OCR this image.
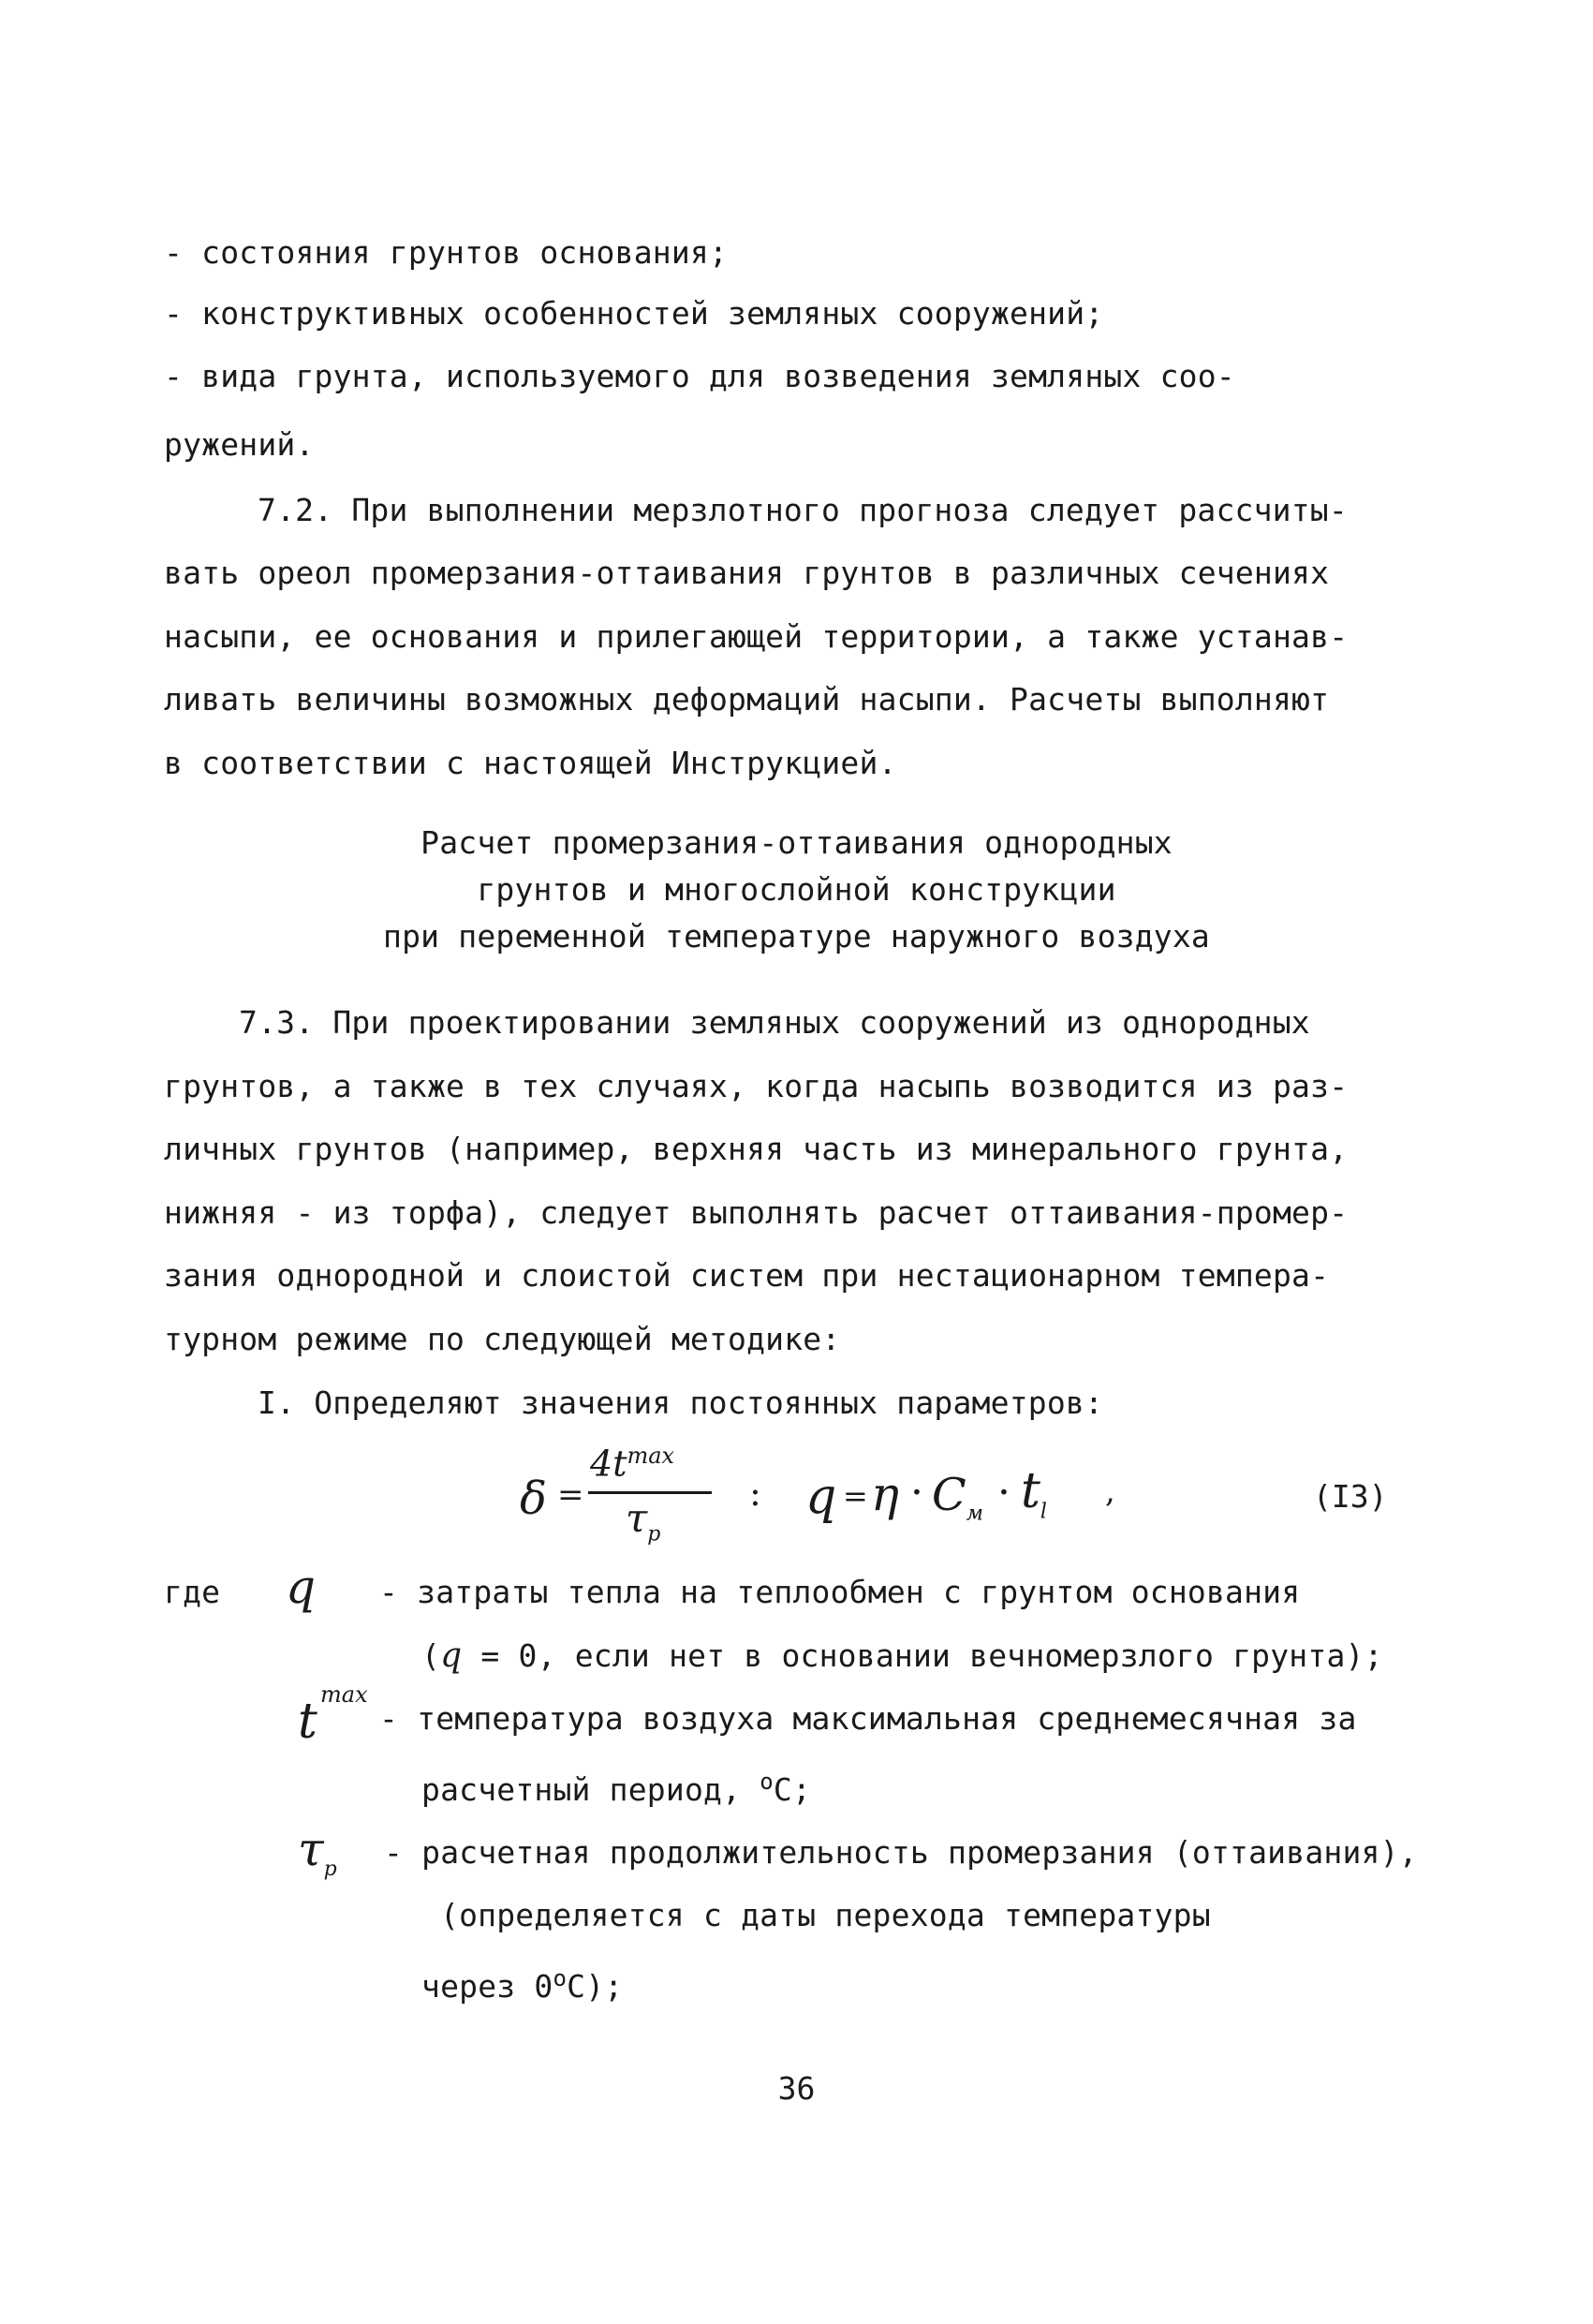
- состояния грунтов основания;
- конструктивных особенностей земляных сооружений;
- вида грунта, используемого для возведения земляных соо-
ружений.
7.2. При выполнении мерзлотного прогноза следует рассчиты-
вать ореол промерзания-оттаивания грунтов в различных сечениях
насыпи, ее основания и прилегающей территории, а также устанав-
ливать величины возможных деформаций насыпи. Расчеты выполняют
в соответствии с настоящей Инструкцией.
Расчет промерзания-оттаивания однородных
грунтов и многослойной конструкции
при переменной температуре наружного воздуха
7.3. При проектировании земляных сооружений из однородных
грунтов, а также в тех случаях, когда насыпь возводится из раз-
личных грунтов (например, верхняя часть из минерального грунта,
нижняя - из торфа), следует выполнять расчет оттаивания-промер-
зания однородной и слоистой систем при нестационарном темпера-
турном режиме по следующей методике:
I. Определяют значения постоянных параметров:
δ =
$4t^{max}$
$\tau_р$
: $q = \eta \cdot C_м \cdot t_l$
,	(I3)
где q - затраты тепла на теплообмен с грунтом основания
(q = 0, если нет в основании вечномерзлого грунта);
t max
- температура воздуха максимальная среднемесячная за
расчетный период, $^o$С;
$\tau_р$ - расчетная продолжительность промерзания (оттаивания),
(определяется с даты перехода температуры
через 0$^o$С);
36
